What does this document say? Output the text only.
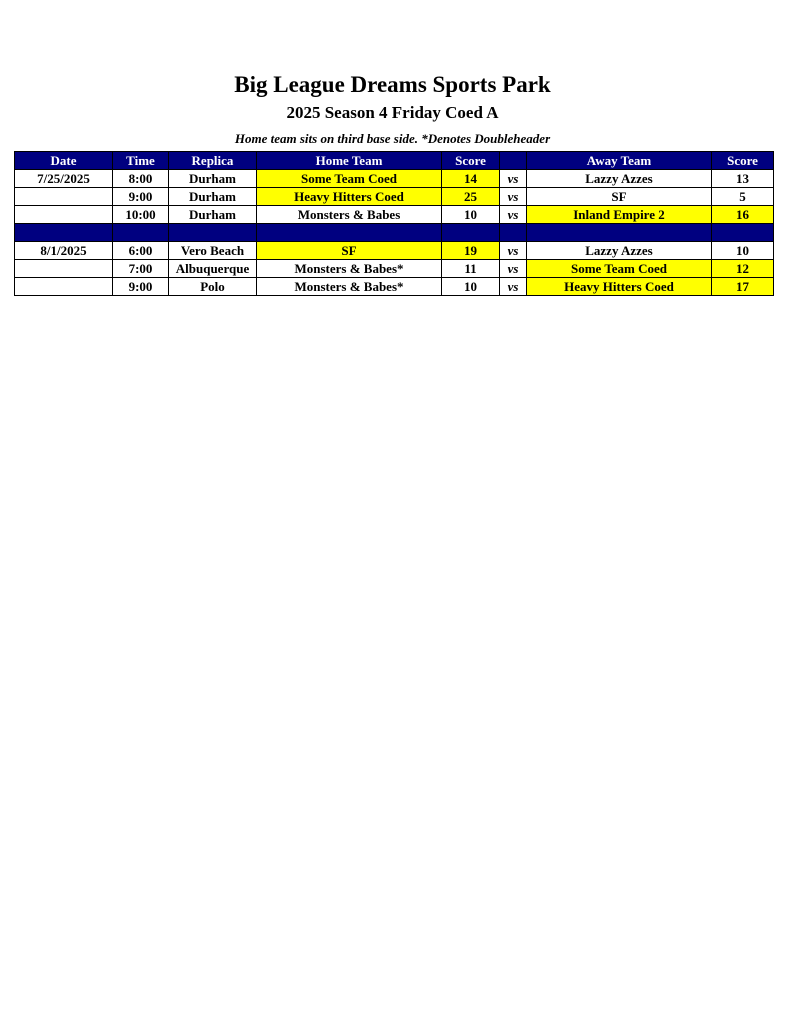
Big League Dreams Sports Park
2025 Season 4 Friday Coed A
Home team sits on third base side. *Denotes Doubleheader
Date	Time	Replica	Home Team	Score		Away Team	Score
7/25/2025	8:00	Durham	Some Team Coed	14	vs	Lazzy Azzes	13
	9:00	Durham	Heavy Hitters Coed	25	vs	SF	5
	10:00	Durham	Monsters & Babes	10	vs	Inland Empire 2	16

8/1/2025	6:00	Vero Beach	SF	19	vs	Lazzy Azzes	10
	7:00	Albuquerque	Monsters & Babes*	11	vs	Some Team Coed	12
	9:00	Polo	Monsters & Babes*	10	vs	Heavy Hitters Coed	17
